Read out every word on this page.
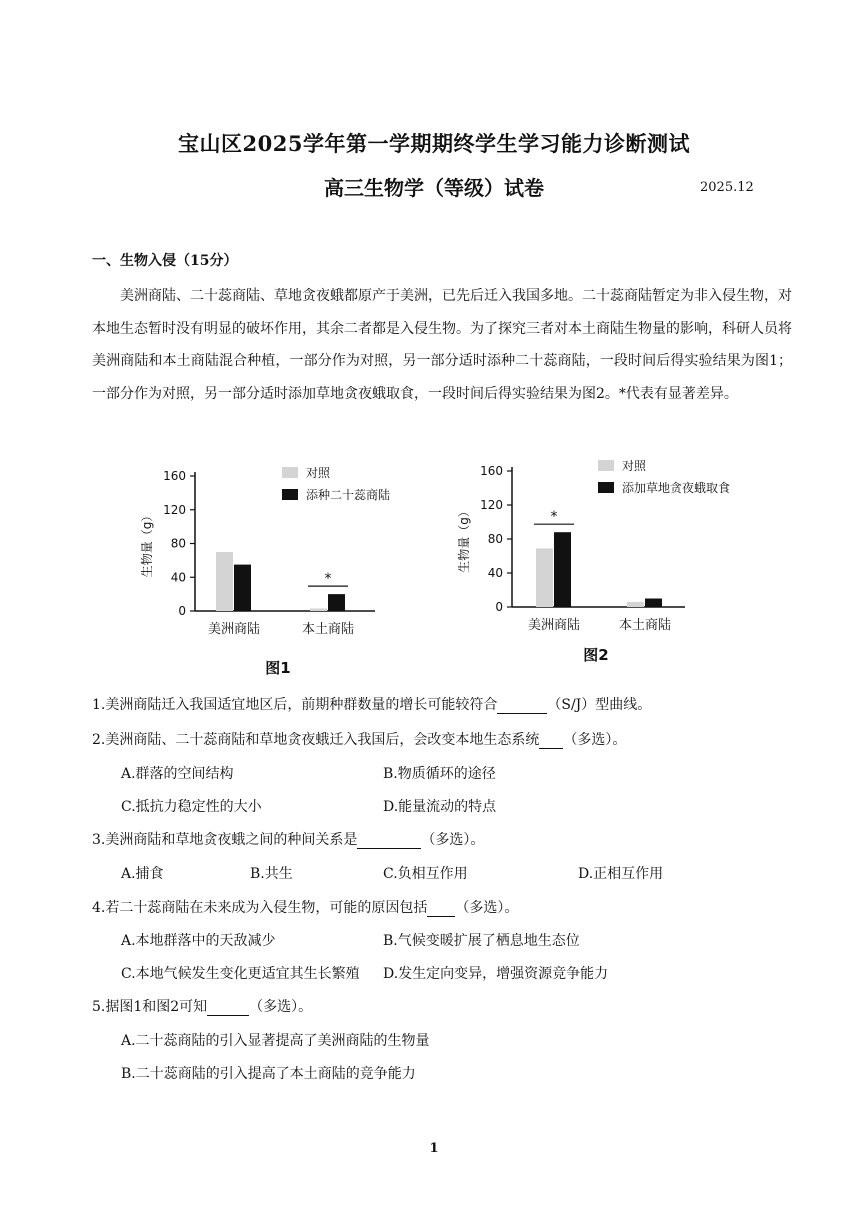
宝山区2025学年第一学期期终学生学习能力诊断测试
高三生物学（等级）试卷	2025.12
一、生物入侵（15分）
美洲商陆、二十蕊商陆、草地贪夜蛾都原产于美洲，已先后迁入我国多地。二十蕊商陆暂定为非入侵生物，对本地生态暂时没有明显的破坏作用，其余二者都是入侵生物。为了探究三者对本土商陆生物量的影响，科研人员将美洲商陆和本土商陆混合种植，一部分作为对照，另一部分适时添种二十蕊商陆，一段时间后得实验结果为图1；一部分作为对照，另一部分适时添加草地贪夜蛾取食，一段时间后得实验结果为图2。*代表有显著差异。
0
40
80
120
160
生物量（g）
美洲商陆	本土商陆
*
对照
添种二十蕊商陆
图1
0
40
80
120
160
生物量（g）
美洲商陆
*
本土商陆
对照
添加草地贪夜蛾取食
图2
1.美洲商陆迁入我国适宜地区后，前期种群数量的增长可能较符合	（S/J）型曲线。
2.美洲商陆、二十蕊商陆和草地贪夜蛾迁入我国后，会改变本地生态系统 （多选）。
A.群落的空间结构	B.物质循环的途径
C.抵抗力稳定性的大小	D.能量流动的特点
3.美洲商陆和草地贪夜蛾之间的种间关系是	（多选）。
A.捕食	B.共生	C.负相互作用	D.正相互作用
4.若二十蕊商陆在未来成为入侵生物，可能的原因包括 （多选）。
A.本地群落中的天敌减少	B.气候变暖扩展了栖息地生态位
C.本地气候发生变化更适宜其生长繁殖 D.发生定向变异，增强资源竞争能力
5.据图1和图2可知	（多选）。
A.二十蕊商陆的引入显著提高了美洲商陆的生物量
B.二十蕊商陆的引入提高了本土商陆的竞争能力
1
